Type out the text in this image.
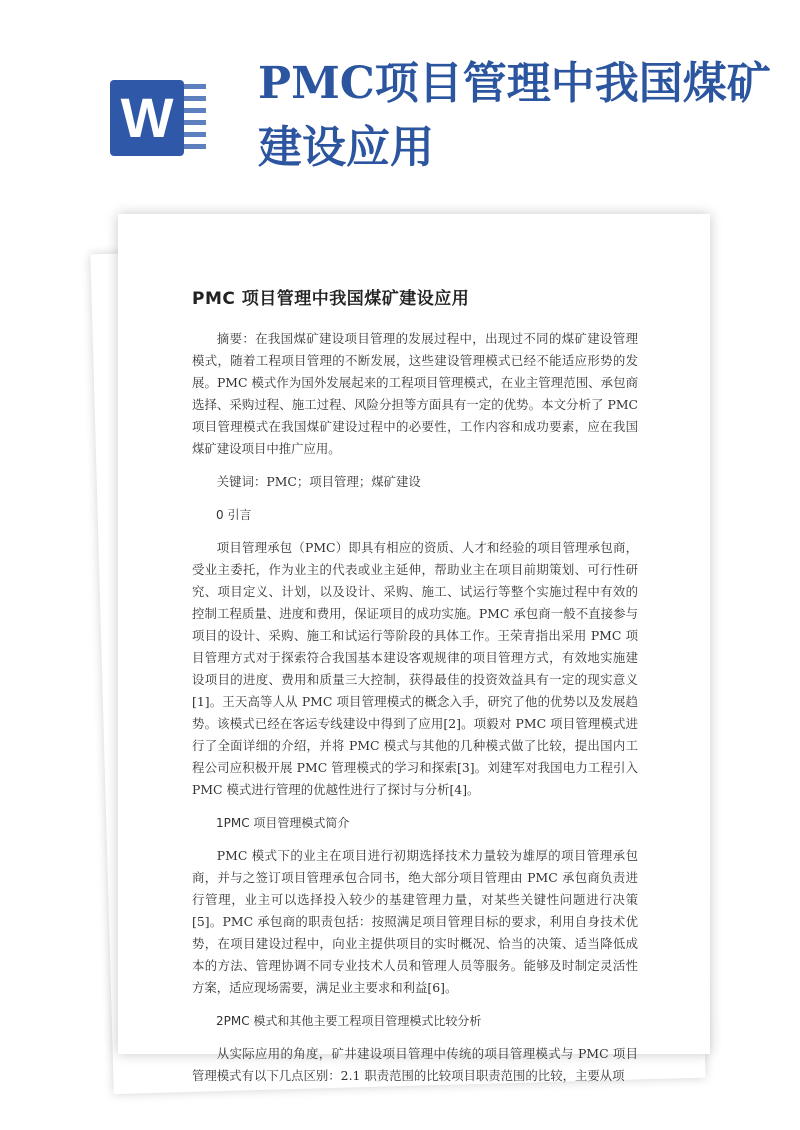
W
PMC项目管理中我国煤矿建设应用
PMC 项目管理中我国煤矿建设应用

摘要：在我国煤矿建设项目管理的发展过程中，出现过不同的煤矿建设管理模式，随着工程项目管理的不断发展，这些建设管理模式已经不能适应形势的发展。PMC 模式作为国外发展起来的工程项目管理模式，在业主管理范围、承包商选择、采购过程、施工过程、风险分担等方面具有一定的优势。本文分析了 PMC 项目管理模式在我国煤矿建设过程中的必要性，工作内容和成功要素，应在我国煤矿建设项目中推广应用。

关键词：PMC；项目管理；煤矿建设

0 引言

项目管理承包（PMC）即具有相应的资质、人才和经验的项目管理承包商，受业主委托，作为业主的代表或业主延伸，帮助业主在项目前期策划、可行性研究、项目定义、计划，以及设计、采购、施工、试运行等整个实施过程中有效的控制工程质量、进度和费用，保证项目的成功实施。PMC 承包商一般不直接参与项目的设计、采购、施工和试运行等阶段的具体工作。王荣青指出采用 PMC 项目管理方式对于探索符合我国基本建设客观规律的项目管理方式，有效地实施建设项目的进度、费用和质量三大控制，获得最佳的投资效益具有一定的现实意义[1]。王天高等人从 PMC 项目管理模式的概念入手，研究了他的优势以及发展趋势。该模式已经在客运专线建设中得到了应用[2]。项毅对 PMC 项目管理模式进行了全面详细的介绍，并将 PMC 模式与其他的几种模式做了比较，提出国内工程公司应积极开展 PMC 管理模式的学习和探索[3]。刘建军对我国电力工程引入 PMC 模式进行管理的优越性进行了探讨与分析[4]。

1PMC 项目管理模式简介

PMC 模式下的业主在项目进行初期选择技术力量较为雄厚的项目管理承包商，并与之签订项目管理承包合同书，绝大部分项目管理由 PMC 承包商负责进行管理，业主可以选择投入较少的基建管理力量，对某些关键性问题进行决策[5]。PMC 承包商的职责包括：按照满足项目管理目标的要求，利用自身技术优势，在项目建设过程中，向业主提供项目的实时概况、恰当的决策、适当降低成本的方法、管理协调不同专业技术人员和管理人员等服务。能够及时制定灵活性方案，适应现场需要，满足业主要求和利益[6]。

2PMC 模式和其他主要工程项目管理模式比较分析

从实际应用的角度，矿井建设项目管理中传统的项目管理模式与 PMC 项目管理模式有以下几点区别：2.1 职责范围的比较项目职责范围的比较，主要从项
